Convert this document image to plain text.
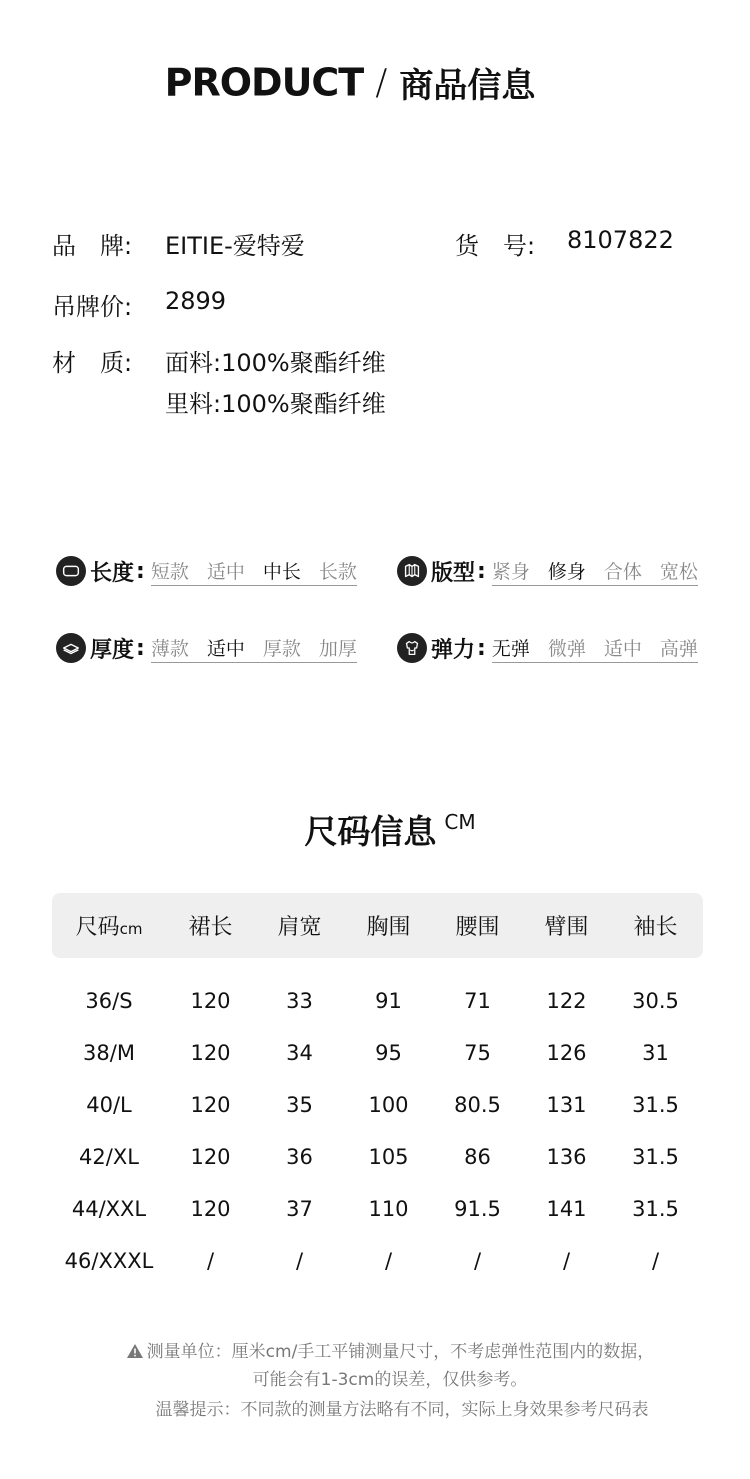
PRODUCT / 商品信息
品　牌: EITIE-爱特爱	货　号: 8107822
吊牌价: 2899
材　质: 面料:100%聚酯纤维
里料:100%聚酯纤维
长度 : 短款 适中 中长 长款	版型 : 紧身 修身 合体 宽松
厚度 : 薄款 适中 厚款 加厚	弹力 : 无弹 微弹 适中 高弹
尺码信息 CM
尺码cm	裙长	肩宽	胸围	腰围	臂围	袖长
36/S	120	33	91	71	122	30.5
38/M	120	34	95	75	126	31
40/L	120	35	100	80.5	131	31.5
42/XL	120	36	105	86	136	31.5
44/XXL	120	37	110	91.5	141	31.5
46/XXXL	/	/	/	/	/	/
测量单位：厘米cm/手工平铺测量尺寸，不考虑弹性范围内的数据，
可能会有1-3cm的误差，仅供参考。
温馨提示：不同款的测量方法略有不同，实际上身效果参考尺码表
